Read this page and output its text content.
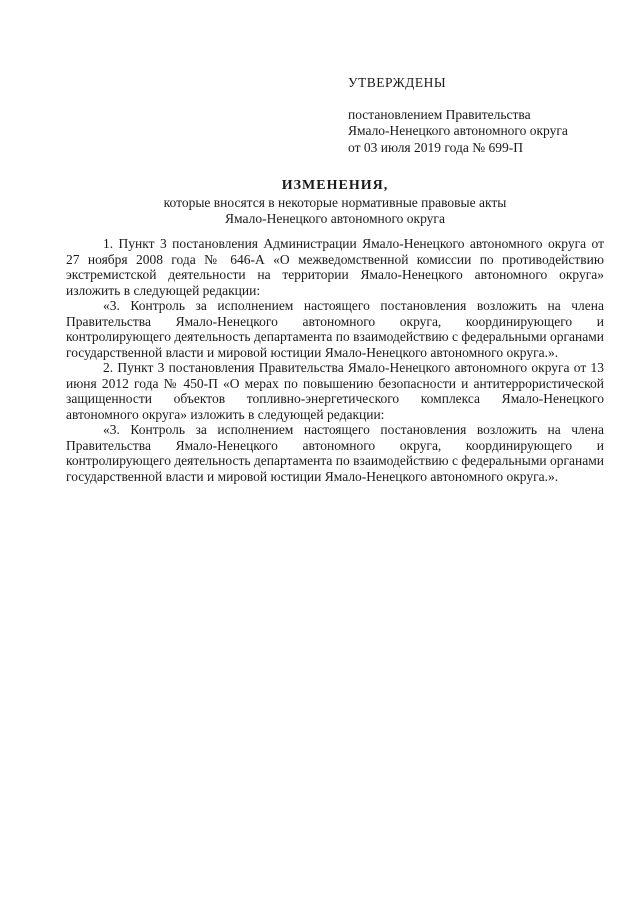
УТВЕРЖДЕНЫ
постановлением Правительства
Ямало-Ненецкого автономного округа
от 03 июля 2019 года № 699-П
ИЗМЕНЕНИЯ,
которые вносятся в некоторые нормативные правовые акты
Ямало-Ненецкого автономного округа

1. Пункт 3 постановления Администрации Ямало-Ненецкого автономного округа от 27 ноября 2008 года № 646-А «О межведомственной комиссии по противодействию экстремистской деятельности на территории Ямало-Ненецкого автономного округа» изложить в следующей редакции:

«3. Контроль за исполнением настоящего постановления возложить на члена Правительства Ямало-Ненецкого автономного округа, координирующего и контролирующего деятельность департамента по взаимодействию с федеральными органами государственной власти и мировой юстиции Ямало-Ненецкого автономного округа.».

2. Пункт 3 постановления Правительства Ямало-Ненецкого автономного округа от 13 июня 2012 года № 450-П «О мерах по повышению безопасности и антитеррористической защищенности объектов топливно-энергетического комплекса Ямало-Ненецкого автономного округа» изложить в следующей редакции:

«3. Контроль за исполнением настоящего постановления возложить на члена Правительства Ямало-Ненецкого автономного округа, координирующего и контролирующего деятельность департамента по взаимодействию с федеральными органами государственной власти и мировой юстиции Ямало-Ненецкого автономного округа.».
